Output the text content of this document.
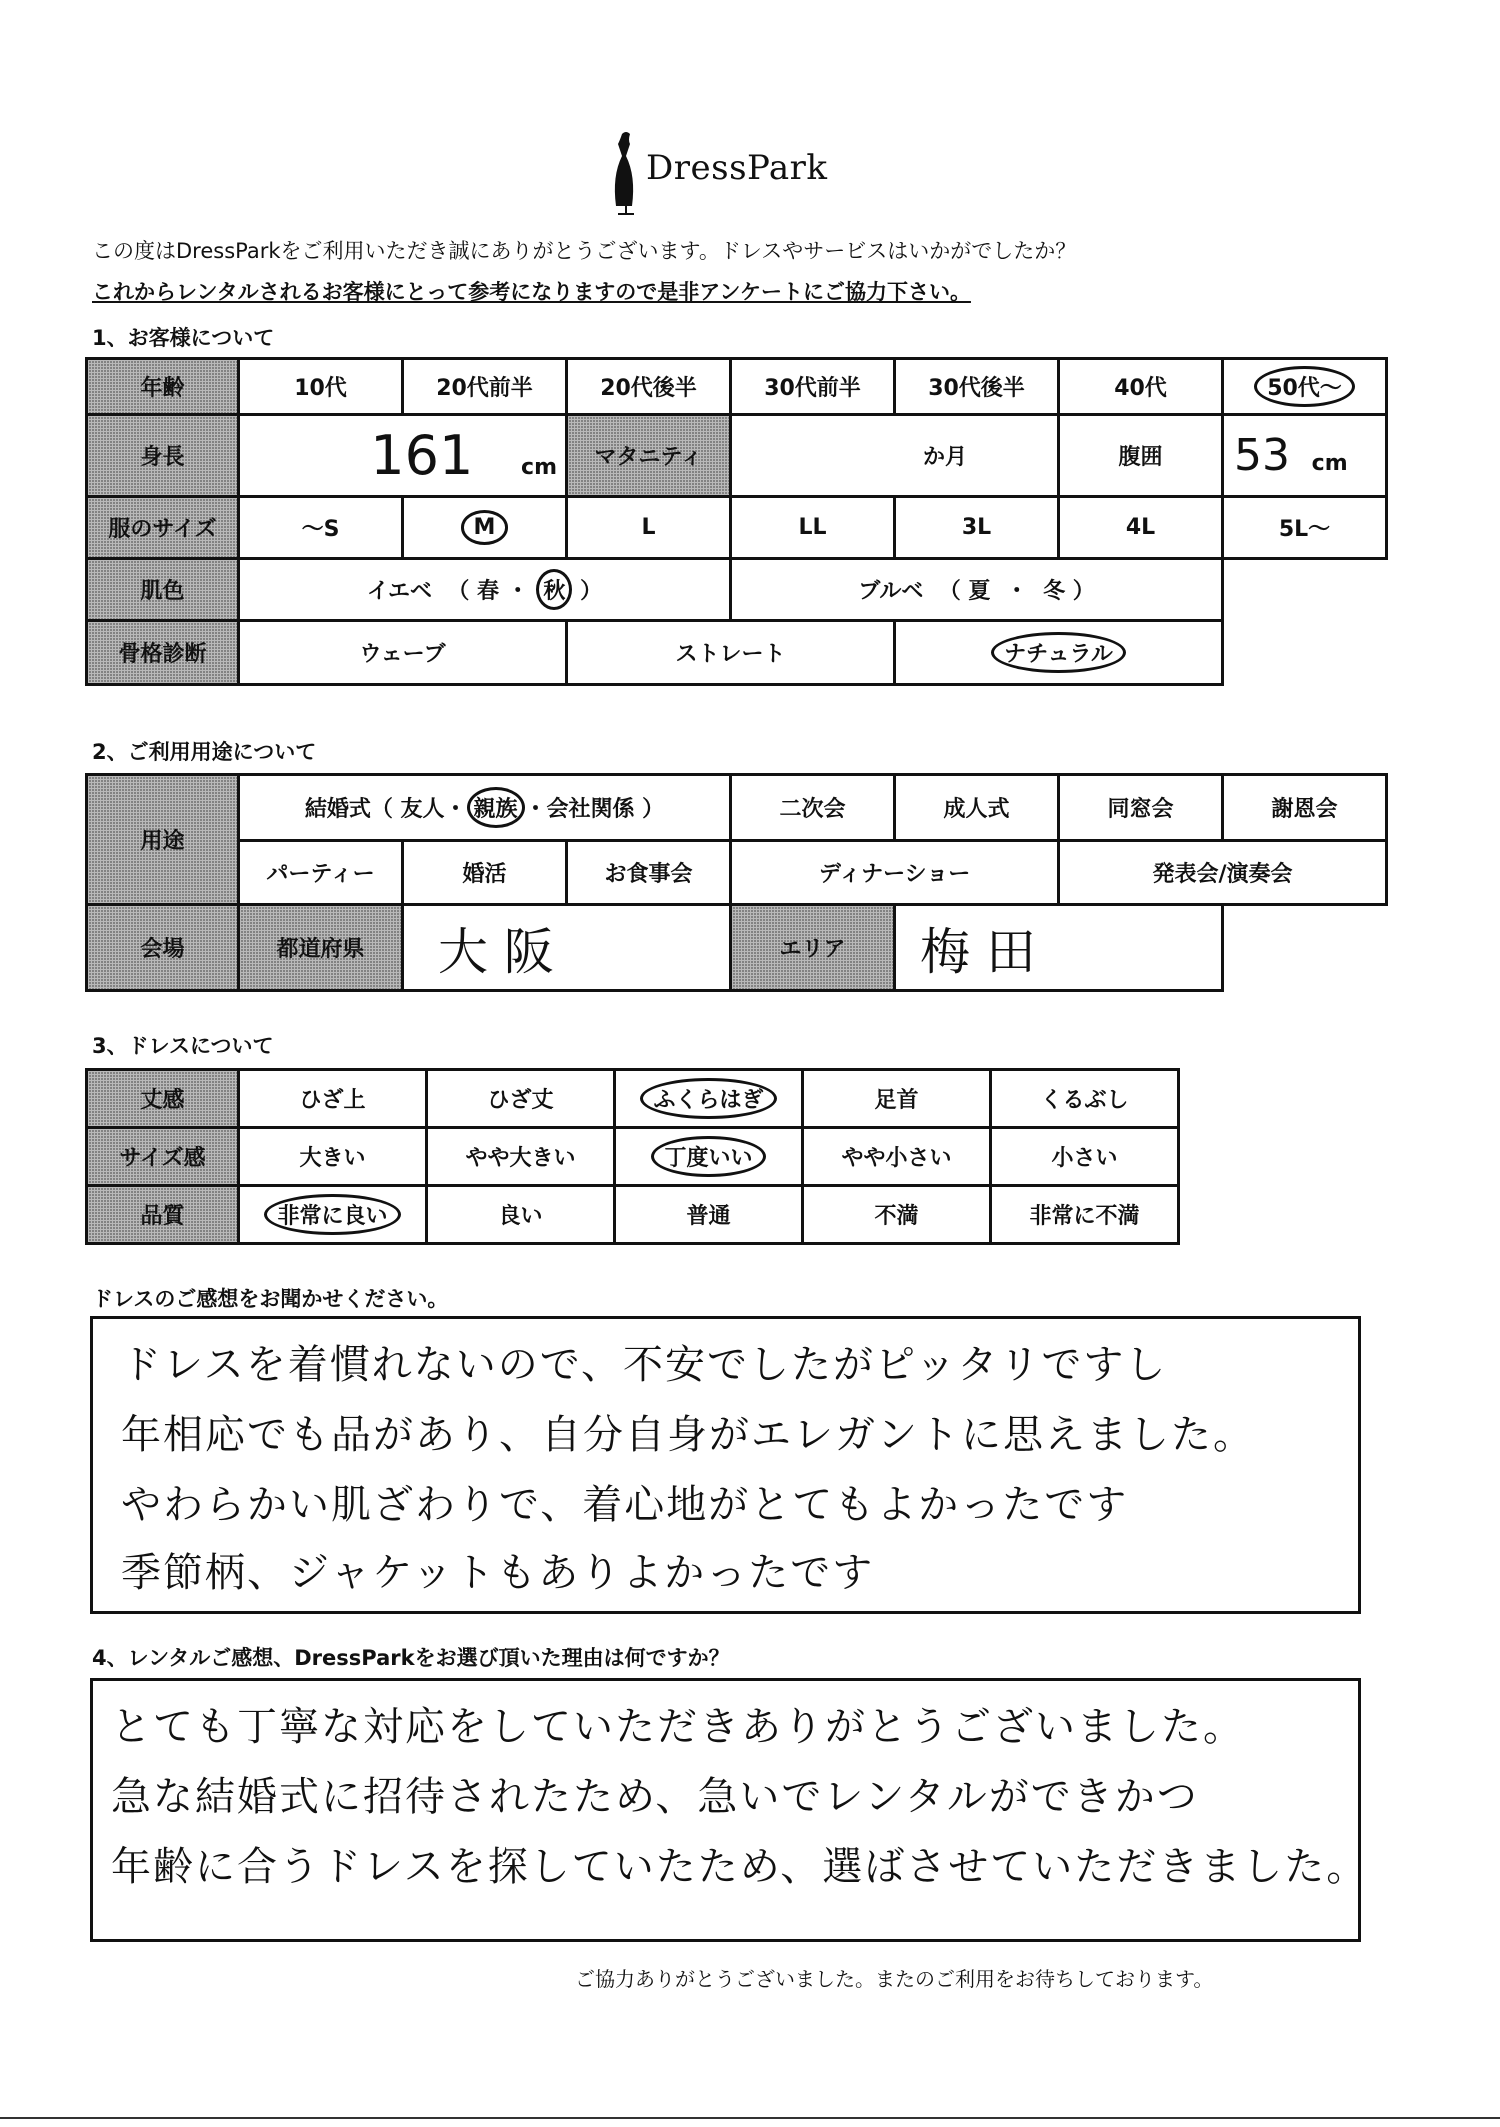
DressPark
この度はDressParkをご利用いただき誠にありがとうございます。ドレスやサービスはいかがでしたか？
これからレンタルされるお客様にとって参考になりますので是非アンケートにご協力下さい。
1、お客様について
年齢	10代	20代前半	20代後半	30代前半	30代後半	40代	50代～
身長	161 cm		マタニティ	か月		腹囲	53 cm
服のサイズ	～S	M	L	LL	3L	4L	5L～
肌色	イエベ （ 春 ・ 秋 ）			ブルベ （ 夏 ・ 冬 ）			
骨格診断	ウェーブ		ストレート		ナチュラル		
2、ご利用用途について
用途	結婚式（ 友人・ 親族 ・会社関係 ）			二次会	成人式	同窓会	謝恩会
	パーティー	婚活	お食事会	ディナーショー		発表会/演奏会	
会場	都道府県	大 阪		エリア	梅 田		
3、ドレスについて
丈感	ひざ上	ひざ丈	ふくらはぎ	足首	くるぶし
サイズ感	大きい	やや大きい	丁度いい	やや小さい	小さい
品質	非常に良い	良い	普通	不満	非常に不満
ドレスのご感想をお聞かせください。
ドレスを着慣れないので、不安でしたがピッタリですし
年相応でも品があり、自分自身がエレガントに思えました。
やわらかい肌ざわりで、着心地がとてもよかったです
季節柄、ジャケットもありよかったです
4、レンタルご感想、DressParkをお選び頂いた理由は何ですか？
とても丁寧な対応をしていただきありがとうございました。
急な結婚式に招待されたため、急いでレンタルができかつ
年齢に合うドレスを探していたため、選ばさせていただきました。
ご協力ありがとうございました。またのご利用をお待ちしております。
